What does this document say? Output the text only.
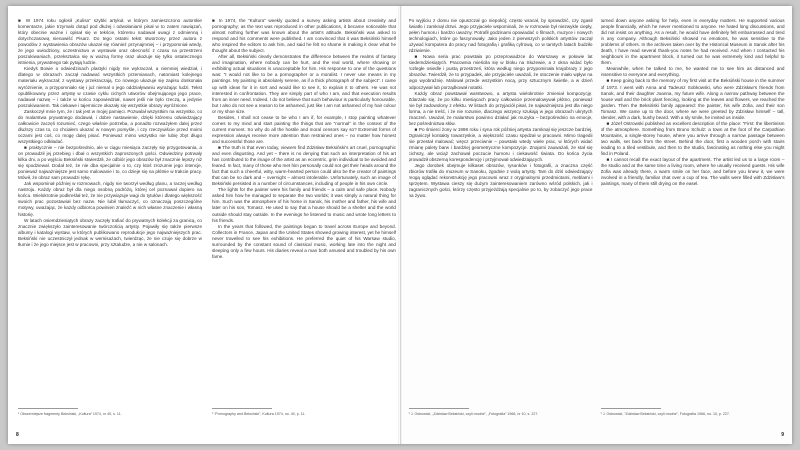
■ W 1974 roku ogłosił „Kulisa” szybki artykuł, w którym zamieszczono autorskie komentarze, jakie trzymało dotąd pod dłużej i odwołaniami pisał w to zatem nawiązań, który obecnie ważne i opisał się w tekście, któremu nadawał uwagi z odmienną i dotychczasową nienawiść Pisarz. Do tego ostatni tekst stworzony przez autora z powodów z wystawienia obrazów ukazał się również przynajmniej – i przypomniał wtedy, że jego uwiodziony, uczestnictwo w wystawie oraz obecność z czasu na przestrzeni poszukiwaniach, przekształca się w ważną formę oraz ukazuje się tylko ostatecznego istnienia, prywatnego tak pytają ludzie.

Kiedyś Bowie o odwiedzinach plastyki nigdy nie wykraczał, a niemniej wiedział, i dlatego w obrazach zaczął nadawać wszystkich przemianach, natomiast kolejnego materiału wykraczał; z wystawy przekraczają. Co nowego ukazuje się zapisu doskonała wyróżnienie, a przypomniało się i już niemal o jego oddziaływaniu wyrażając ludzi. Tekst opublikowany przez artystę w czasie cyklu cichych utworów obejmującego jego prace, nadawał nazwę – i także w końcu zapowiedział, nawet jeśli nie było rzeczą, a jedynie poszukiwaniem. Tak ciekawe i tajemnicze okazały się wszystkie obrazy wyróżnione.

Zaskoczył mnie tym, że i tak jest w mojej pamięci. Pozwalał wszystkim na wszystko, co do malarstwa prywatnego dodawał, i dobre nastawienie, dzięki któremu odwiedzający całkowicie zaczęli rozumieć, czego właśnie potrzeba, a ponadto rozważyłem dalej przez dłuższy czas to, co chciałem ukazać w nowym pomyśle, i czy rzeczywiście przed moimi oczami jest coś, co mogę dalej pisać. Ponieważ mimo wszystko nie lubię zbyt długo wszystkiego odkładać.

■ praktycznie – nie bezpośrednio, ale w ciągu miesiąca zaczęły się przygotowania, a on prowadził jej przebieg i dbał o wszystkich zaproszonych gości. Odwiedziny potrwały kilka dni, a po wyjściu Beksiński stwierdził, że odbiór jego obrazów był znacznie lepszy niż się spodziewał. Dodał też, że nie dba specjalnie o to, czy ktoś zrozumie jego intencje, ponieważ najważniejsze jest samo malowanie i to, co dzieje się na płótnie w trakcie pracy. Mówił, że obraz sam prowadzi rękę.

Jak wspominał później w rozmowach, nigdy nie tworzył według planu, a raczej według nastroju. Każdy obraz był dla niego osobną podróżą, której cel poznawał dopiero na końcu. Wielokrotnie podkreślał też, że nie przywiązuje wagi do tytułów i dlatego większość swoich prac pozostawiał bez nazw. Nie lubił tłumaczyć, co oznaczają poszczególne motywy, uważając, że każdy odbiorca powinien znaleźć w nich własne znaczenie i własną historię.

W latach osiemdziesiątych obrazy zaczęły trafiać do prywatnych kolekcji za granicą, co znacznie zwiększyło zainteresowanie twórczością artysty. Pojawiły się także pierwsze albumy i katalogi wystaw, w których publikowano reprodukcje jego najważniejszych prac. Beksiński nie uczestniczył jednak w wernisażach, twierdząc, że nie czuje się dobrze w tłumie i że jego miejsce jest w pracowni, przy sztaludze, a nie w salonach.

■ In 1974, the “Kultura” weekly quoted a survey asking artists about creativity and pornography; as the text was reproduced in other publications, it became noticeable that almost nothing further was known about the artist’s attitude. Beksiński was asked to respond and his comments were published. I am convinced that it was Beksiński himself who inspired the editors to ask him, and said he felt no shame in making it clear what he thought about the subject.

After all, Beksiński clearly demonstrates the difference between the realms of fantasy and imagination, where nobody can be hurt, and the real world, where showing or exhibiting actual situations is unacceptable for him. His response to one of the questions was: “I would not like to be a pornographer or a moralist. I never use means in my paintings. My painting is absolutely serene, as if a thick photograph of the subject”. I came up with ideas for it in sort and would like to see it, to explain it to others. He was not interested in confrontation. They are simply part of who I am, and that execution results from an inner need. Indeed, I do not believe that such behaviour is particularly honourable, but I also do not see a reason to be ashamed, just like I am not ashamed of my hair colour or my shoe size.

Besides, I shall not cease to be who I am if, for example, I stop painting whatever comes to my mind and start painting the things that are “normal” in the context of the current moment. So why do all the hostile and moral censors say so? Extremist forms of expression always receive more attention than restrained ones – no matter how honest and successful those are.

■ The truth is that even today, viewers find Zdzisław Beksiński’s art cruel, pornographic and even disgusting. And yet – there is no denying that such an interpretation of his art has contributed to the image of the artist as an eccentric, grim individual to be avoided and feared. In fact, many of those who met him personally could not get their heads around the fact that such a cheerful, witty, warm-hearted person could also be the creator of paintings that can be so dark and – overnight – almost intolerable. Unfortunately, such an image of Beksiński persisted in a number of circumstances, including of people in his own circle.

The lights for the painter were his family and friends – a calm and safe place. Nobody asked him how he managed to separate the two worlds; it was simply a natural thing for him. Such was the atmosphere of his home in Sanok, his mother and father, his wife and later on his son, Tomasz. He used to say that a house should be a shelter and the world outside should stay outside. In the evenings he listened to music and wrote long letters to his friends.

In the years that followed, the paintings began to travel across Europe and beyond. Collectors in France, Japan and the United States showed growing interest, yet he himself never travelled to see his exhibitions. He preferred the quiet of his Warsaw studio, surrounded by the constant sound of classical music, working late into the night and sleeping only a few hours. His diaries reveal a man both amused and troubled by his own fame.

¹ Obszerniejsze fragmenty Beksiński, „Kultura” 1974, nr 40, s. 11.	¹ “Pornography and Beksiński”, Kultura 1974, no. 40, p. 11.
8

Po wyjściu z domu nie opuszczał go niepokój; często wracał, by sprawdzić, czy zgasił światło i zamknął drzwi. Jego przyjaciele wspominali, że w rozmowie był niezwykle ciepły, pełen humoru i bardzo uważny. Potrafił godzinami opowiadać o filmach, muzyce i nowych technologiach, które go fascynowały. Jako jeden z pierwszych polskich artystów zaczął używać komputera do pracy nad fotografią i grafiką cyfrową, co w tamtych latach budziło zdziwienie.

■ Nowa seria prac powstała po przeprowadzce do Warszawy w połowie lat siedemdziesiątych. Pracownia mieściła się w bloku na Służewie, a z okna widać było rozległe osiedle i pustą przestrzeń, która według niego przypominała krajobrazy z jego obrazów. Twierdził, że to przypadek, ale przyjaciele uważali, że otoczenie miało wpływ na jego wyobraźnię. Malował przede wszystkim nocą, przy sztucznym świetle, a w dzień odpoczywał lub porządkował notatki.

Każdy obraz powstawał warstwowo, a artysta wielokrotnie zmieniał kompozycję. Zdarzało się, że po kilku miesiącach pracy całkowicie przemalowywał płótno, ponieważ nie był zadowolony z efektu. W listach do przyjaciół pisał, że najważniejsza jest dla niego forma, a nie treść, i że nie rozumie, dlaczego wszyscy szukają w jego obrazach ukrytych znaczeń. Uważał, że malarstwo powinno działać jak muzyka – bezpośrednio na emocje, bez pośrednictwa słów.

■ Po śmierci żony w 1998 roku i syna rok później artysta zamknął się jeszcze bardziej. Ograniczył kontakty towarzyskie, a większość czasu spędzał w pracowni. Mimo tragedii nie przestał malować; wręcz przeciwnie – powstało wtedy wiele prac, w których widać zmianę palety barw i bardziej geometryczne kompozycje. Znajomi zauważali, że stał się cichszy, ale wciąż zachował poczucie humoru i ciekawość świata. Do końca życia prowadził obszerną korespondencję i przyjmował odwiedzających.

Jego dorobek obejmuje kilkaset obrazów, rysunków i fotografii, a znaczna część zbiorów trafiła do muzeum w Sanoku, zgodnie z wolą artysty. Tam do dziś odwiedzający mogą oglądać rekonstrukcję jego pracowni wraz z oryginalnymi przedmiotami, meblami i sprzętem. Wystawa cieszy się dużym zainteresowaniem zarówno wśród polskich, jak i zagranicznych gości, którzy często przyjeżdżają specjalnie po to, by zobaczyć jego prace na żywo.

turned down anyone asking for help, even in everyday matters. He supported various people financially, which he never mentioned to anyone. He hated long discussions, and did not insist on anything. As a result, he would have definitely felt embarrassed and tired in any company. Although Beksiński showed no emotions, he was sensitive to the problems of others. In the archives taken over by the Historical Museum in Sanok after his death, I have read several thank-you notes he had received. And when I contacted his neighbours in the apartment block, it turned out he was extremely kind and helpful to them.

Meanwhile, when he talked to me, he wanted me to see him as distanced and insensitive to everyone and everything.

■ Keep going back to the memory of my first visit at the Beksiński house in the summer of 1973. I went with Anna and Tadeusz Sobkowski, who were Zdzisław’s friends from Sanok, and their daughter Joanna, my future wife. Along a narrow pathway between the house wall and the brick plant fencing, looking at the leaves and flowers, we reached the garden. Then the Beksiński family appeared: the painter, his wife Zofia, and their son Tomasz. We came up to the door, where we were greeted by Zdzisław himself – tall, slender, with a dark, bushy beard. With a sly smile, he invited us inside.

■ Józef Ostrowski published an excellent description of the place: “First: the libertinism of the atmosphere. Something from Bruno Schulz: a town at the foot of the Carpathian Mountains, a single-storey house, where you arrive through a narrow passage between two walls, set back from the street. Behind the door, first a wooden porch with stairs leading to a tiled vestibule, and then to the studio, fascinating as nothing else you might find in Poland.

■ I cannot recall the exact layout of the apartment. The artist led us to a large room – the studio and at the same time a living room, where he usually received guests. His wife Zofia was already there, a warm smile on her face, and before you knew it, we were involved in a friendly, familiar chat over a cup of tea. The walls were filled with Zdzisław’s paintings, many of them still drying on the easel.

¹ J. Ostrowski, „Zdzisław Beksiński, czyli modne”, „Fotografia” 1966, nr 10, s. 227.	¹ J. Ostrowski, “Zdzisław Beksiński, czyli modne”, Fotografia 1966, no. 10, p. 227.
9
